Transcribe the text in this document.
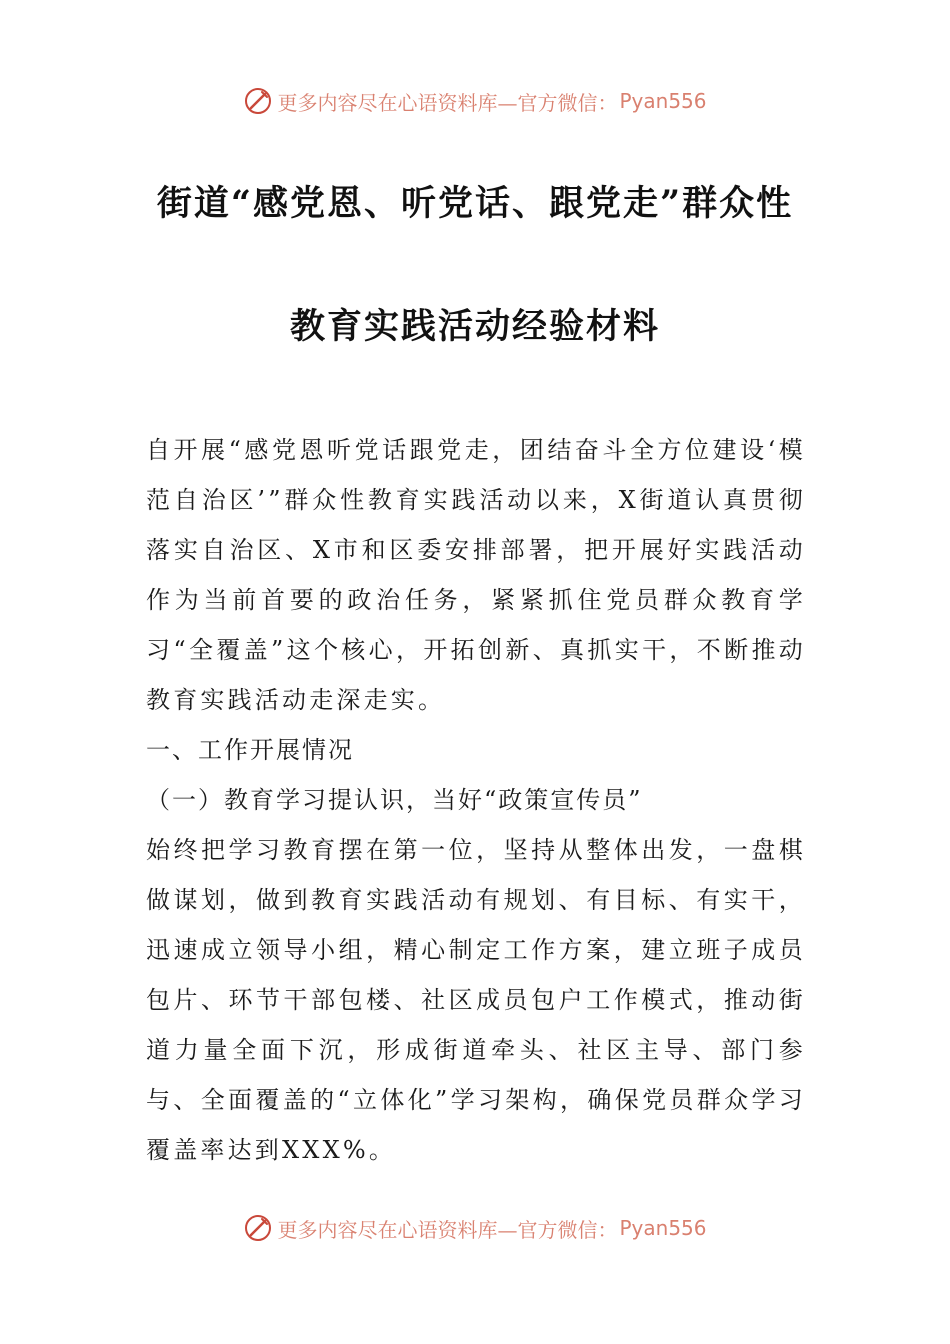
更多内容尽在心语资料库—官方微信： Pyan556
街道“感党恩、听党话、跟党走”群众性
教育实践活动经验材料

自开展“感党恩听党话跟党走，团结奋斗全方位建设‘模范自治区’”群众性教育实践活动以来，X街道认真贯彻落实自治区、X市和区委安排部署，把开展好实践活动作为当前首要的政治任务，紧紧抓住党员群众教育学习“全覆盖”这个核心，开拓创新、真抓实干，不断推动教育实践活动走深走实。

一、工作开展情况

（一）教育学习提认识，当好“政策宣传员”

始终把学习教育摆在第一位，坚持从整体出发，一盘棋做谋划，做到教育实践活动有规划、有目标、有实干，迅速成立领导小组，精心制定工作方案，建立班子成员包片、环节干部包楼、社区成员包户工作模式，推动街道力量全面下沉，形成街道牵头、社区主导、部门参与、全面覆盖的“立体化”学习架构，确保党员群众学习覆盖率达到XXX%。

更多内容尽在心语资料库—官方微信： Pyan556
